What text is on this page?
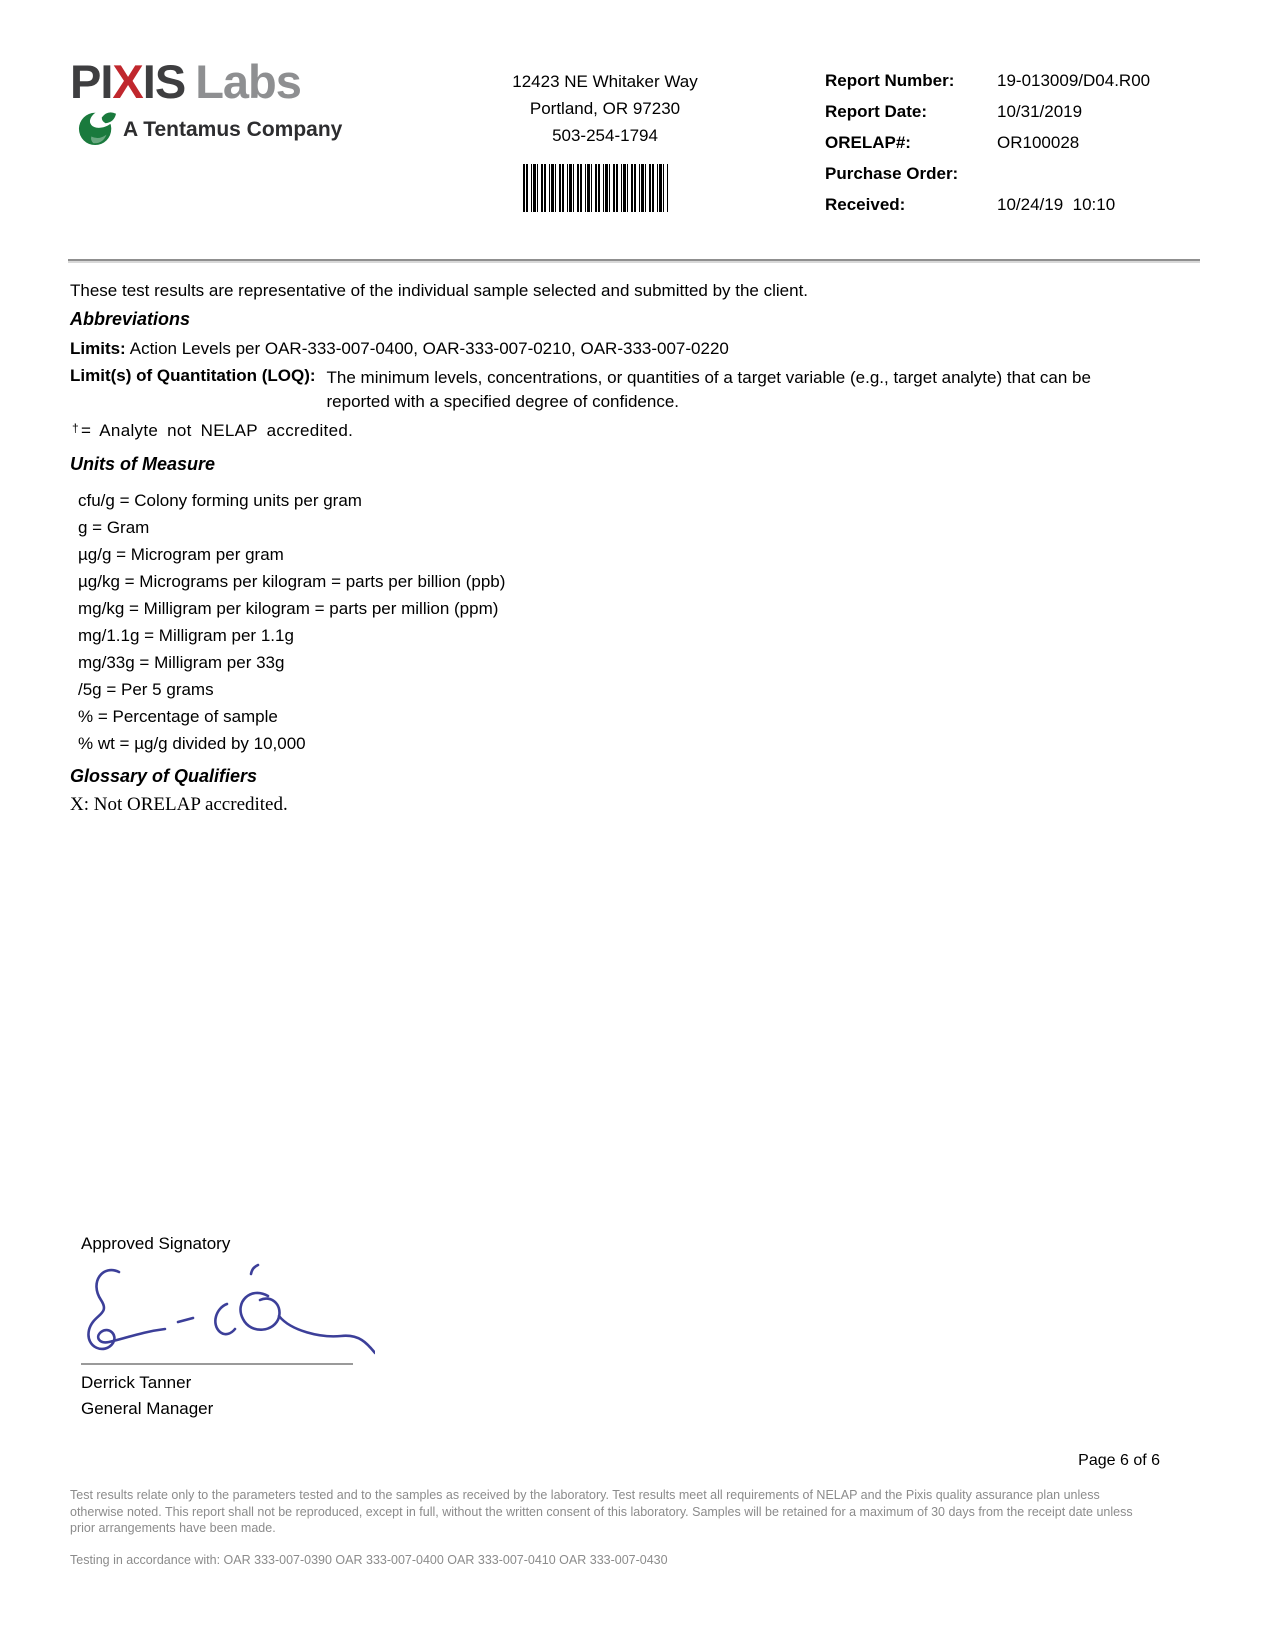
PIXIS Labs
A Tentamus Company
12423 NE Whitaker Way
Portland, OR 97230
503-254-1794
Report Number:	19-013009/D04.R00
Report Date:	10/31/2019
ORELAP#:	OR100028
Purchase Order:
Received:	10/24/19  10:10
These test results are representative of the individual sample selected and submitted by the client.
Abbreviations
Limits: Action Levels per OAR-333-007-0400, OAR-333-007-0210, OAR-333-007-0220
Limit(s) of Quantitation (LOQ): The minimum levels, concentrations, or quantities of a target variable (e.g., target analyte) that can be reported with a specified degree of confidence.
† = Analyte not NELAP accredited.
Units of Measure
cfu/g = Colony forming units per gram
g = Gram
µg/g = Microgram per gram
µg/kg = Micrograms per kilogram = parts per billion (ppb)
mg/kg = Milligram per kilogram = parts per million (ppm)
mg/1.1g = Milligram per 1.1g
mg/33g = Milligram per 33g
/5g = Per 5 grams
% = Percentage of sample
% wt = µg/g divided by 10,000
Glossary of Qualifiers
X: Not ORELAP accredited.
Approved Signatory
Derrick Tanner
General Manager
Page 6 of 6
Test results relate only to the parameters tested and to the samples as received by the laboratory. Test results meet all requirements of NELAP and the Pixis quality assurance plan unless
otherwise noted. This report shall not be reproduced, except in full, without the written consent of this laboratory. Samples will be retained for a maximum of 30 days from the receipt date unless
prior arrangements have been made.
Testing in accordance with: OAR 333-007-0390 OAR 333-007-0400 OAR 333-007-0410 OAR 333-007-0430
